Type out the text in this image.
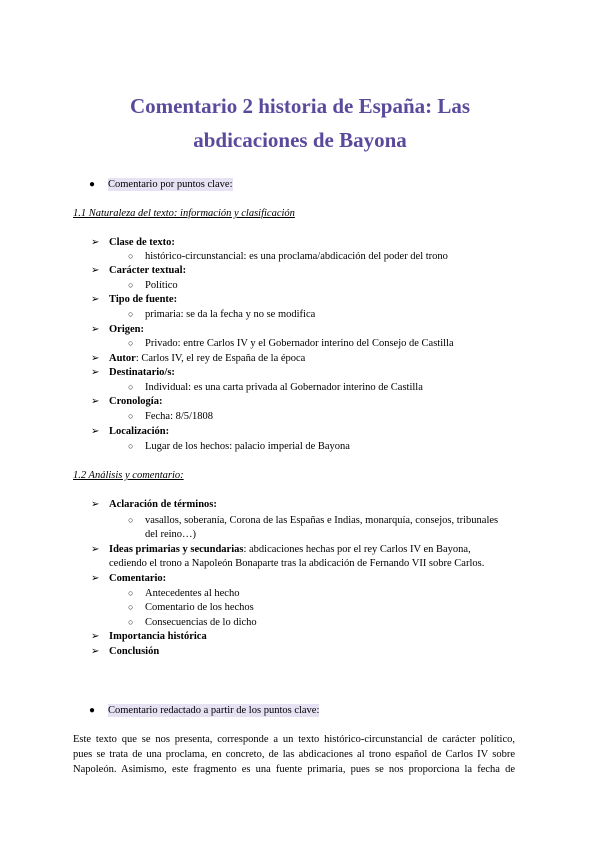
Comentario 2 historia de España: Las
abdicaciones de Bayona
● Comentario por puntos clave:
1.1 Naturaleza del texto: información y clasificación
➢ Clase de texto:
○ histórico-circunstancial: es una proclama/abdicación del poder del trono
➢ Carácter textual:
○ Político
➢ Tipo de fuente:
○ primaria: se da la fecha y no se modifica
➢ Origen:
○ Privado: entre Carlos IV y el Gobernador interino del Consejo de Castilla
➢ Autor: Carlos IV, el rey de España de la época
➢ Destinatario/s:
○ Individual: es una carta privada al Gobernador interino de Castilla
➢ Cronología:
○ Fecha: 8/5/1808
➢ Localización:
○ Lugar de los hechos: palacio imperial de Bayona
1.2 Análisis y comentario:
➢ Aclaración de términos:
○ vasallos, soberanía, Corona de las Españas e Indias, monarquía, consejos, tribunales
del reino…)
➢ Ideas primarias y secundarias: abdicaciones hechas por el rey Carlos IV en Bayona,
cediendo el trono a Napoleón Bonaparte tras la abdicación de Fernando VII sobre Carlos.
➢ Comentario:
○ Antecedentes al hecho
○ Comentario de los hechos
○ Consecuencias de lo dicho
➢ Importancia histórica
➢ Conclusión
● Comentario redactado a partir de los puntos clave:
Este texto que se nos presenta, corresponde a un texto histórico-circunstancial de carácter político,
pues se trata de una proclama, en concreto, de las abdicaciones al trono español de Carlos IV sobre
Napoleón. Asimismo, este fragmento es una fuente primaria, pues se nos proporciona la fecha de
